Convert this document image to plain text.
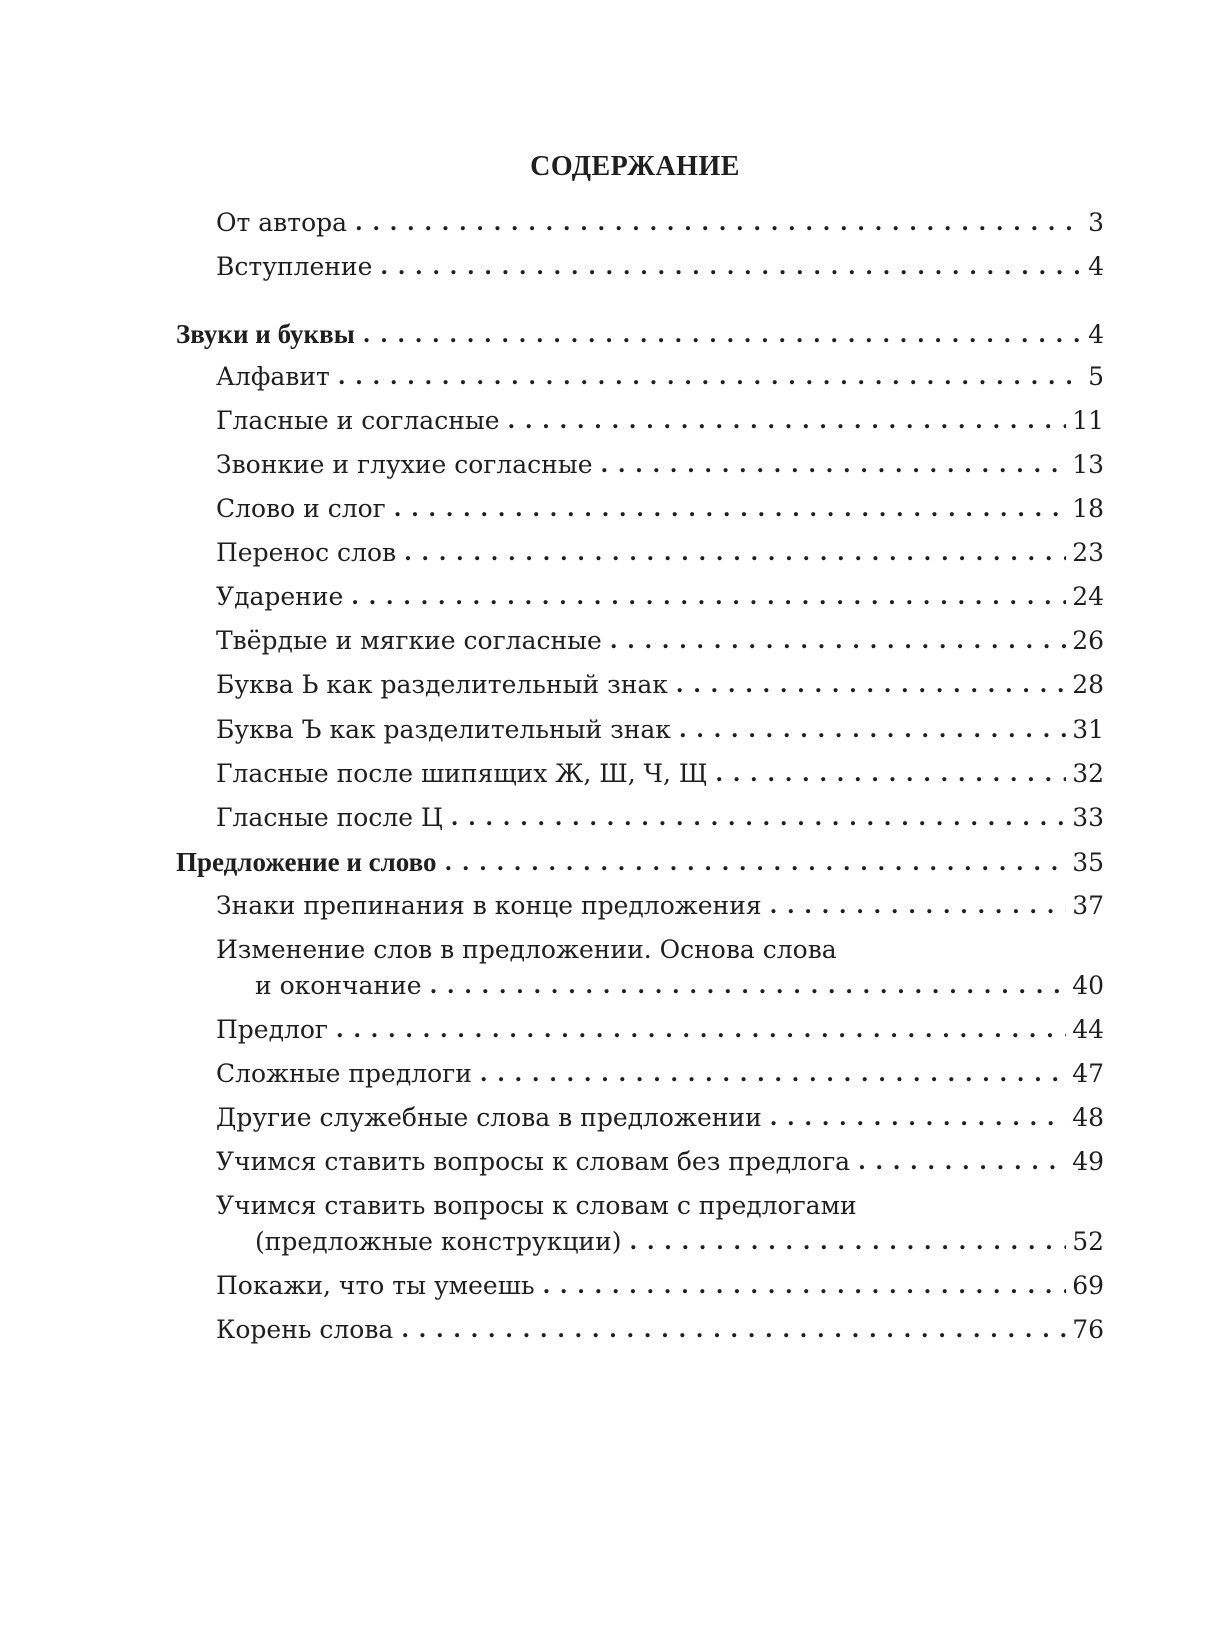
СОДЕРЖАНИЕ
От автора . . .	3
Вступление . . .	4
Звуки и буквы . . .	4
Алфавит . . .	5
Гласные и согласные . . .	11
Звонкие и глухие согласные . . .	13
Слово и слог . . .	18
Перенос слов . . .	23
Ударение . . .	24
Твёрдые и мягкие согласные . . .	26
Буква Ь как разделительный знак . . .	28
Буква Ъ как разделительный знак . . .	31
Гласные после шипящих Ж, Ш, Ч, Щ . . .	32
Гласные после Ц . . .	33
Предложение и слово . . .	35
Знаки препинания в конце предложения . . .	37
Изменение слов в предложении. Основа слова
и окончание . . .	40
Предлог . . .	44
Сложные предлоги . . .	47
Другие служебные слова в предложении . . .	48
Учимся ставить вопросы к словам без предлога . . .	49
Учимся ставить вопросы к словам с предлогами
(предложные конструкции) . . .	52
Покажи, что ты умеешь . . .	69
Корень слова . . .	76
